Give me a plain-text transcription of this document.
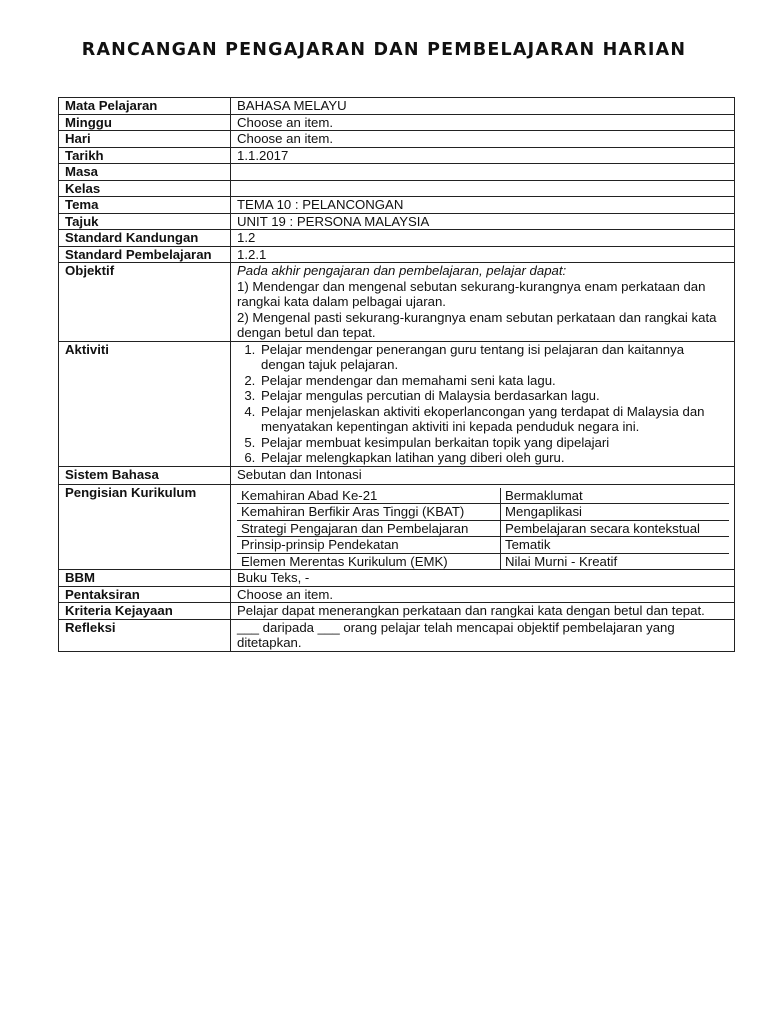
RANCANGAN PENGAJARAN DAN PEMBELAJARAN HARIAN
Mata Pelajaran	BAHASA MELAYU
Minggu	Choose an item.
Hari	Choose an item.
Tarikh	1.1.2017
Masa	
Kelas	
Tema	TEMA 10 : PELANCONGAN
Tajuk	UNIT 19 : PERSONA MALAYSIA
Standard Kandungan	1.2
Standard Pembelajaran	1.2.1
Objektif	Pada akhir pengajaran dan pembelajaran, pelajar dapat:
1) Mendengar dan mengenal sebutan sekurang-kurangnya enam perkataan dan rangkai kata dalam pelbagai ujaran.
2) Mengenal pasti sekurang-kurangnya enam sebutan perkataan dan rangkai kata dengan betul dan tepat.

Aktiviti	
1.Pelajar mendengar penerangan guru tentang isi pelajaran dan kaitannya dengan tajuk pelajaran.
2. Pelajar mendengar dan memahami seni kata lagu.
3. Pelajar mengulas percutian di Malaysia berdasarkan lagu.
4. Pelajar menjelaskan aktiviti ekoperlancongan yang terdapat di Malaysia dan menyatakan kepentingan aktiviti ini kepada penduduk negara ini.
5. Pelajar membuat kesimpulan berkaitan topik yang dipelajari
6. Pelajar melengkapkan latihan yang diberi oleh guru.

Sistem Bahasa	Sebutan dan Intonasi
Pengisian Kurikulum		Kemahiran Abad Ke-21	Bermaklumat
Kemahiran Berfikir Aras Tinggi (KBAT)	Mengaplikasi
Strategi Pengajaran dan Pembelajaran	Pembelajaran secara kontekstual
Prinsip-prinsip Pendekatan	Tematik
Elemen Merentas Kurikulum (EMK)	Nilai Murni - Kreatif

BBM	Buku Teks, -
Pentaksiran	Choose an item.
Kriteria Kejayaan	Pelajar dapat menerangkan perkataan dan rangkai kata dengan betul dan tepat.
Refleksi	___ daripada ___ orang pelajar telah mencapai objektif pembelajaran yang ditetapkan.
